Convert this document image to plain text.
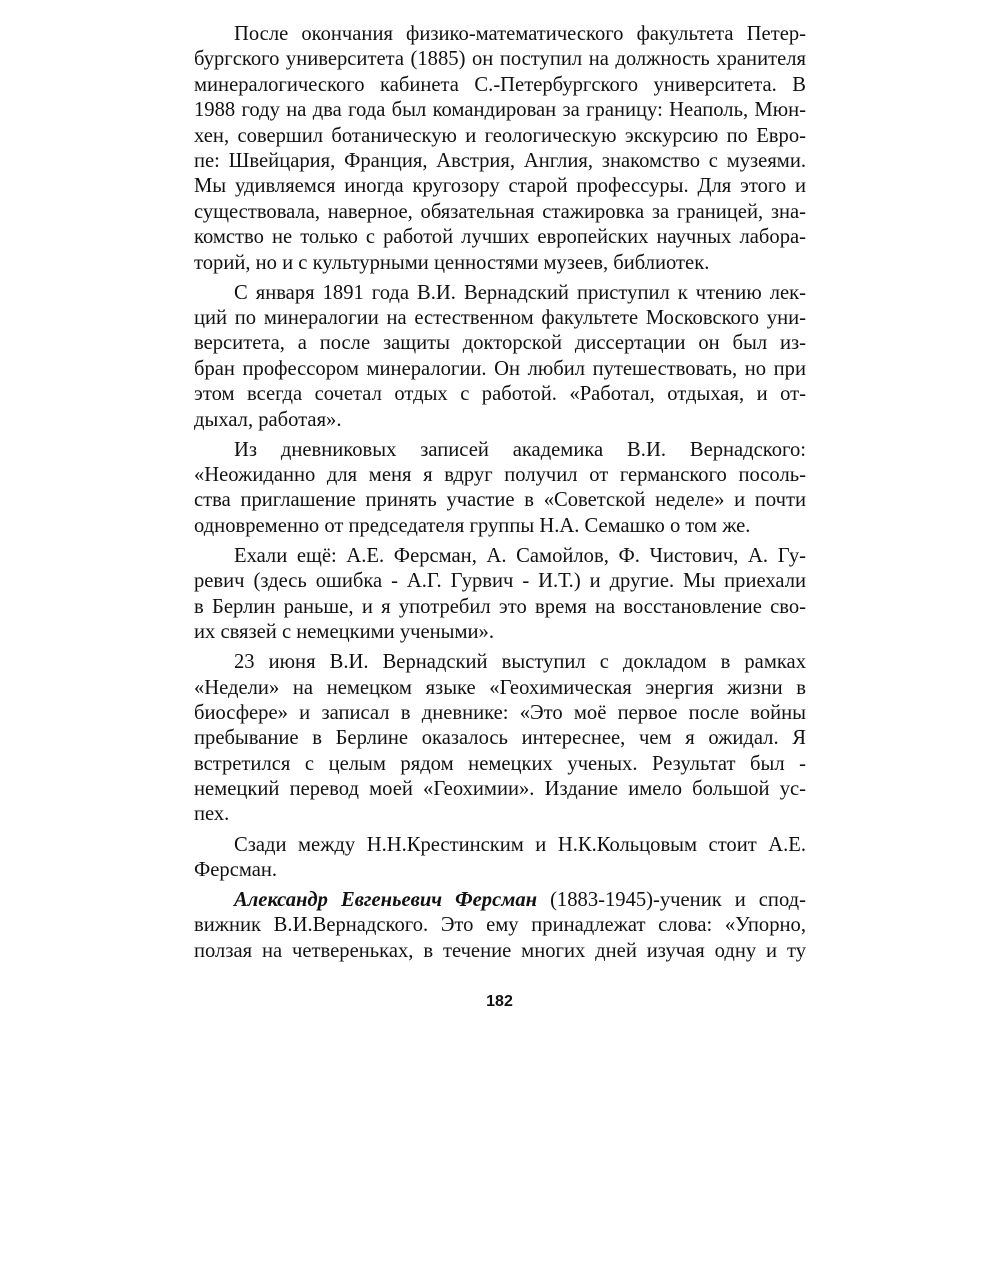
После окончания физико-математического факультета Петер-
бургского университета (1885) он поступил на должность хранителя
минералогического кабинета С.-Петербургского университета. В
1988 году на два года был командирован за границу: Неаполь, Мюн-
хен, совершил ботаническую и геологическую экскурсию по Евро-
пе: Швейцария, Франция, Австрия, Англия, знакомство с музеями.
Мы удивляемся иногда кругозору старой профессуры. Для этого и
существовала, наверное, обязательная стажировка за границей, зна-
комство не только с работой лучших европейских научных лабора-
торий, но и с культурными ценностями музеев, библиотек.
С января 1891 года В.И. Вернадский приступил к чтению лек-
ций по минералогии на естественном факультете Московского уни-
верситета, а после защиты докторской диссертации он был из-
бран профессором минералогии. Он любил путешествовать, но при
этом всегда сочетал отдых с работой. «Работал, отдыхая, и от-
дыхал, работая».
Из дневниковых записей академика В.И. Вернадского:
«Неожиданно для меня я вдруг получил от германского посоль-
ства приглашение принять участие в «Советской неделе» и почти
одновременно от председателя группы Н.А. Семашко о том же.
Ехали ещё: А.Е. Ферсман, А. Самойлов, Ф. Чистович, А. Гу-
ревич (здесь ошибка - А.Г. Гурвич - И.Т.) и другие. Мы приехали
в Берлин раньше, и я употребил это время на восстановление сво-
их связей с немецкими учеными».
23 июня В.И. Вернадский выступил с докладом в рамках
«Недели» на немецком языке «Геохимическая энергия жизни в
биосфере» и записал в дневнике: «Это моё первое после войны
пребывание в Берлине оказалось интереснее, чем я ожидал. Я
встретился с целым рядом немецких ученых. Результат был -
немецкий перевод моей «Геохимии». Издание имело большой ус-
пех.
Сзади между Н.Н.Крестинским и Н.К.Кольцовым стоит А.Е.
Ферсман.
Александр Евгеньевич Ферсман (1883-1945)-ученик и спод-
вижник В.И.Вернадского. Это ему принадлежат слова: «Упорно,
ползая на четвереньках, в течение многих дней изучая одну и ту
182
